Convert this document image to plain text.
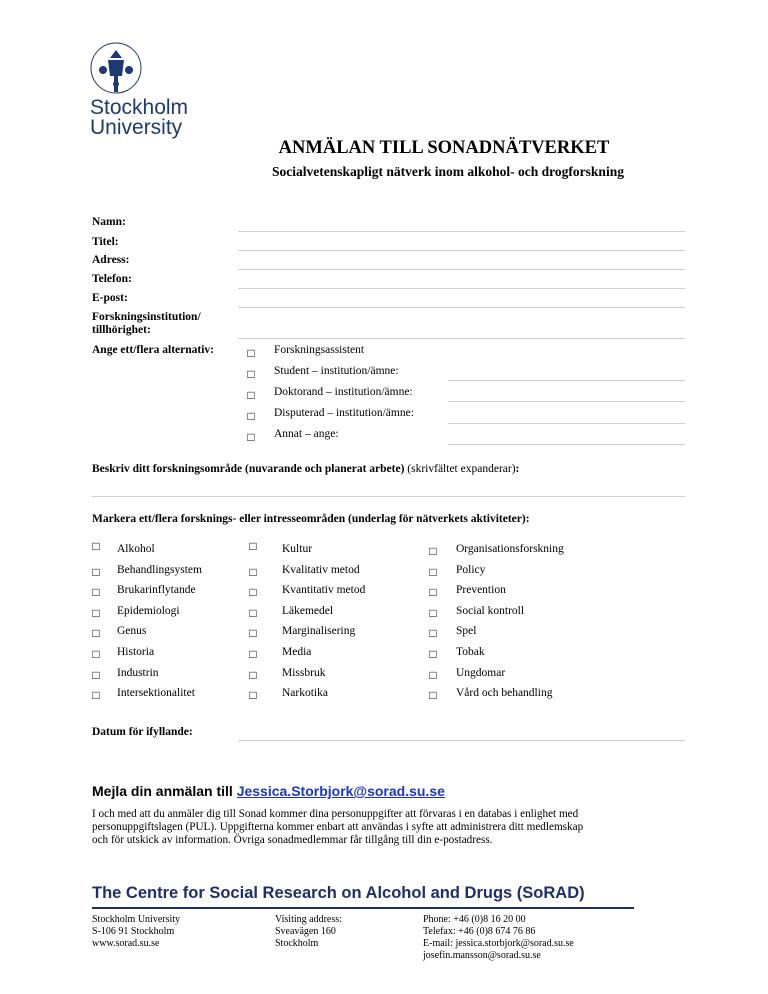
Stockholm
University
ANMÄLAN TILL SONADNÄTVERKET
Socialvetenskapligt nätverk inom alkohol- och drogforskning
Namn:
Titel:
Adress:
Telefon:
E-post:
Forskningsinstitution/
tillhörighet:
Ange ett/flera alternativ:	□ Forskningsassistent
□ Student – institution/ämne:
□ Doktorand – institution/ämne:
□ Disputerad – institution/ämne:
□ Annat – ange:
Beskriv ditt forskningsområde (nuvarande och planerat arbete) (skrivfältet expanderar):
Markera ett/flera forsknings- eller intresseområden (underlag för nätverkets aktiviteter):
□ Alkohol
□ Behandlingsystem
□ Brukarinflytande
□ Epidemiologi
□ Genus
□ Historia
□ Industrin
□ Intersektionalitet
□ Kultur
□ Kvalitativ metod
□ Kvantitativ metod
□ Läkemedel
□ Marginalisering
□ Media
□ Missbruk
□ Narkotika
□ Organisationsforskning
□ Policy
□ Prevention
□ Social kontroll
□ Spel
□ Tobak
□ Ungdomar
□ Vård och behandling
Datum för ifyllande:
Mejla din anmälan till Jessica.Storbjork@sorad.su.se
I och med att du anmäler dig till Sonad kommer dina personuppgifter att förvaras i en databas i enlighet med
personuppgiftslagen (PUL). Uppgifterna kommer enbart att användas i syfte att administrera ditt medlemskap
och för utskick av information. Övriga sonadmedlemmar får tillgång till din e-postadress.
The Centre for Social Research on Alcohol and Drugs (SoRAD)
Stockholm University
S-106 91 Stockholm
www.sorad.su.se
Visiting address:
Sveavägen 160
Stockholm
Phone: +46 (0)8 16 20 00
Telefax: +46 (0)8 674 76 86
E-mail: jessica.storbjork@sorad.su.se
josefin.mansson@sorad.su.se
